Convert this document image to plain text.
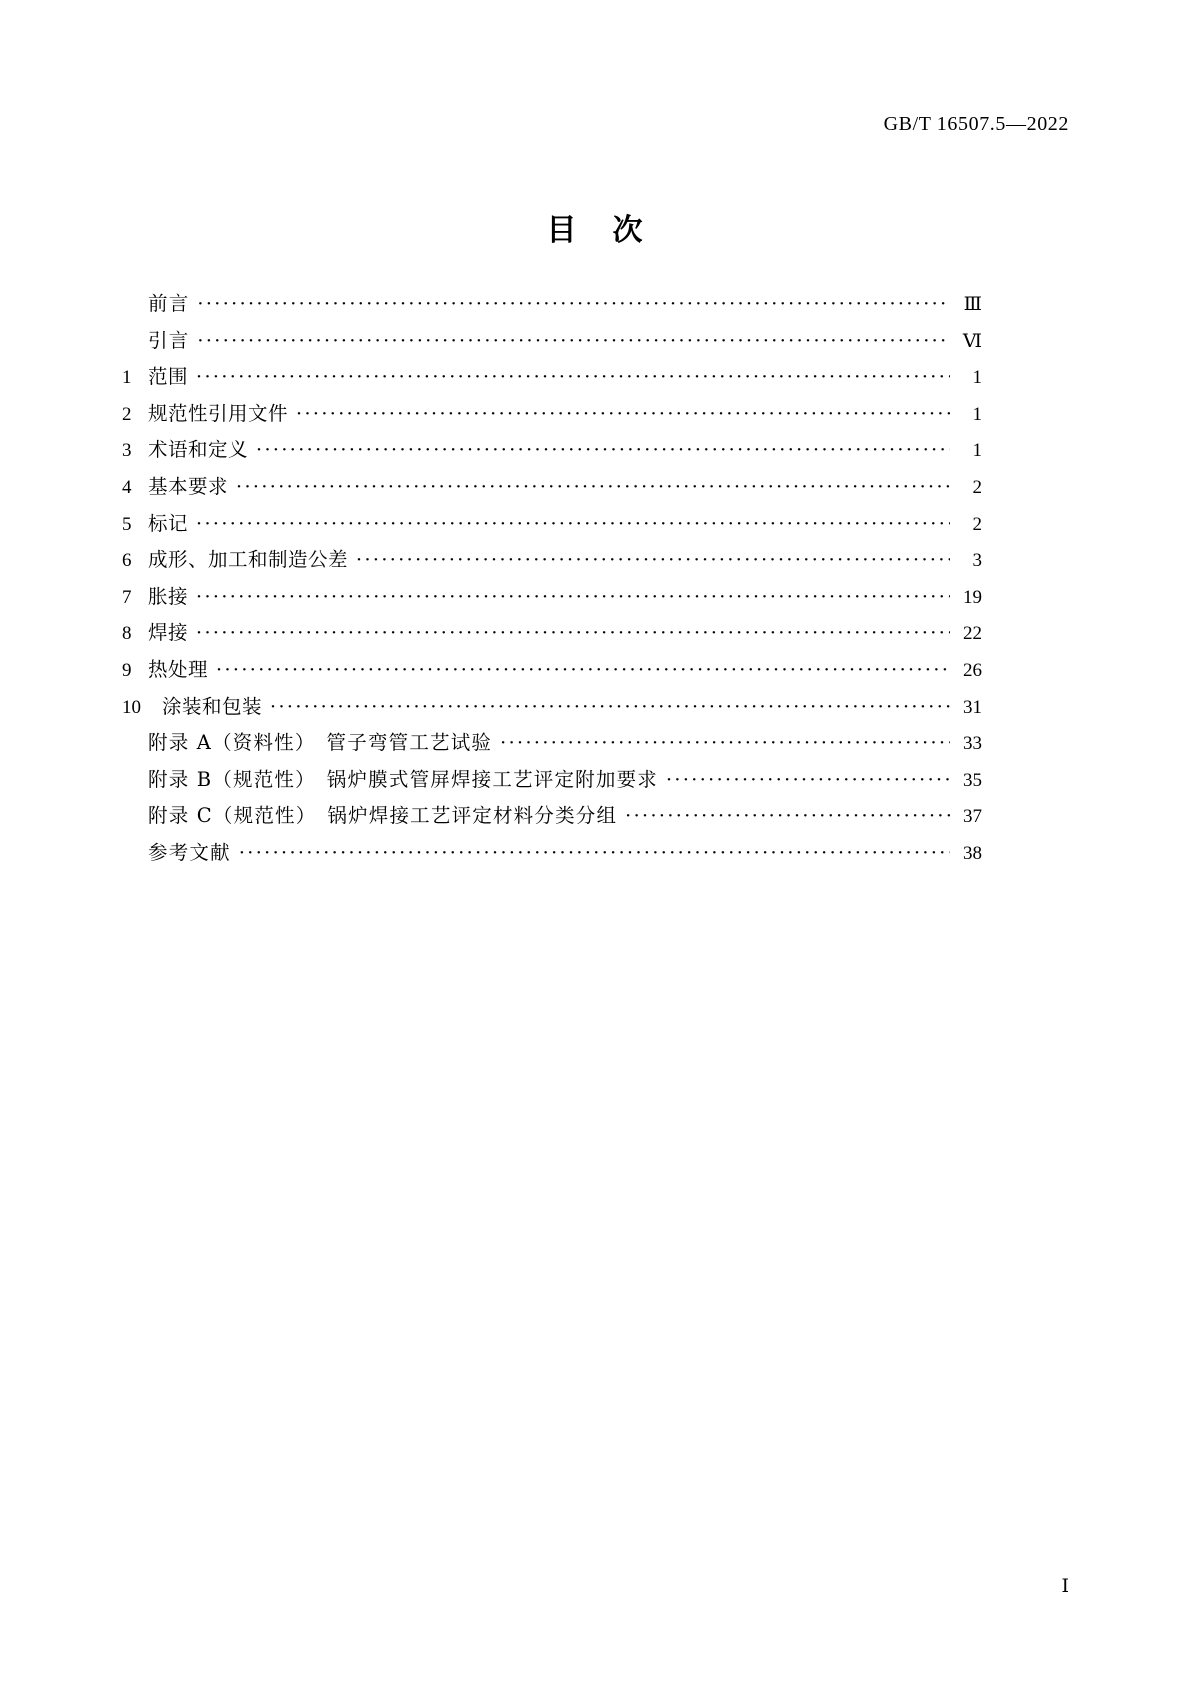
GB/T 16507.5—2022
目 次
前言 ·····	Ⅲ
引言 ·····	Ⅵ
1 范围 ·····	1
2 规范性引用文件 ·····	1
3 术语和定义 ·····	1
4 基本要求 ·····	2
5 标记 ·····	2
6 成形、加工和制造公差 ·····	3
7 胀接 ·····	19
8 焊接 ·····	22
9 热处理 ·····	26
10	涂装和包装 ·····	31
附录 A（资料性）　管子弯管工艺试验 ·····	33
附录 B（规范性）　锅炉膜式管屏焊接工艺评定附加要求 ·····	35
附录 C（规范性）　锅炉焊接工艺评定材料分类分组 ·····	37
参考文献 ·····	38
Ⅰ
